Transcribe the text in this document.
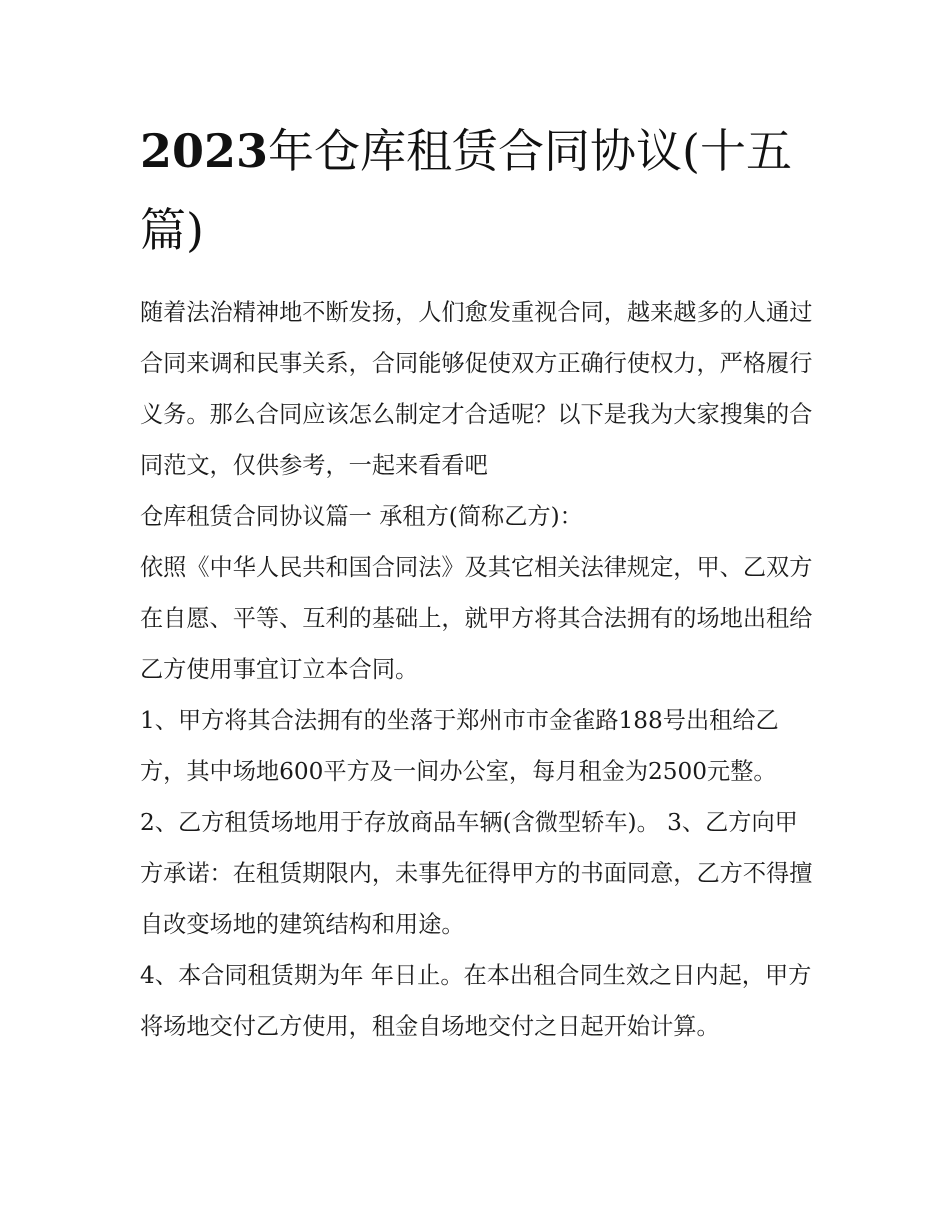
2023年仓库租赁合同协议(十五篇)

随着法治精神地不断发扬，人们愈发重视合同，越来越多的人通过合同来调和民事关系，合同能够促使双方正确行使权力，严格履行义务。那么合同应该怎么制定才合适呢？以下是我为大家搜集的合同范文，仅供参考，一起来看看吧

仓库租赁合同协议篇一 承租方(简称乙方)：

依照《中华人民共和国合同法》及其它相关法律规定，甲、乙双方在自愿、平等、互利的基础上，就甲方将其合法拥有的场地出租给乙方使用事宜订立本合同。

1、甲方将其合法拥有的坐落于郑州市市金雀路188号出租给乙方，其中场地600平方及一间办公室，每月租金为2500元整。

2、乙方租赁场地用于存放商品车辆(含微型轿车)。 3、乙方向甲方承诺：在租赁期限内，未事先征得甲方的书面同意，乙方不得擅自改变场地的建筑结构和用途。

4、本合同租赁期为年 年日止。在本出租合同生效之日内起，甲方将场地交付乙方使用，租金自场地交付之日起开始计算。
